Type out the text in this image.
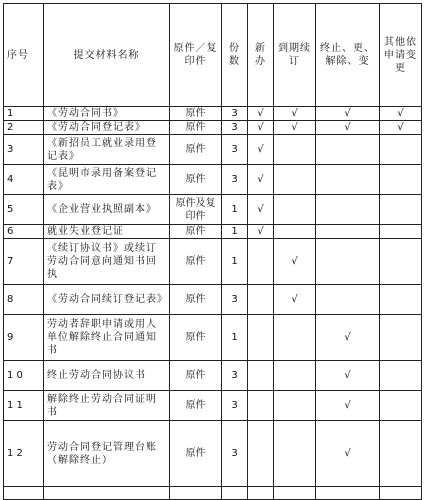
序号	提交材料名称	原件／复印件	份数	新办	到期续订	终止、更、解除、变	其他依申请变更
1	《劳动合同书》	原件	3	√	√	√	√
2	《劳动合同登记表》	原件	3	√	√	√	√
3	《新招员工就业录用登记表》	原件	3	√			
4	《昆明市录用备案登记表》	原件	3	√			
5	《企业营业执照副本》	原件及复印件	1	√			
6	就业失业登记证	原件	1	√			
7	《续订协议书》或续订劳动合同意向通知书回执	原件	1		√		
8	《劳动合同续订登记表》	原件	3		√		
9	劳动者辞职申请或用人单位解除终止合同通知书	原件	1			√	
1 0	终止劳动合同协议书	原件	3			√	
1 1	解除终止劳动合同证明书	原件	3			√	
1 2	劳动合同登记管理台账（解除终止）	原件	3			√	
